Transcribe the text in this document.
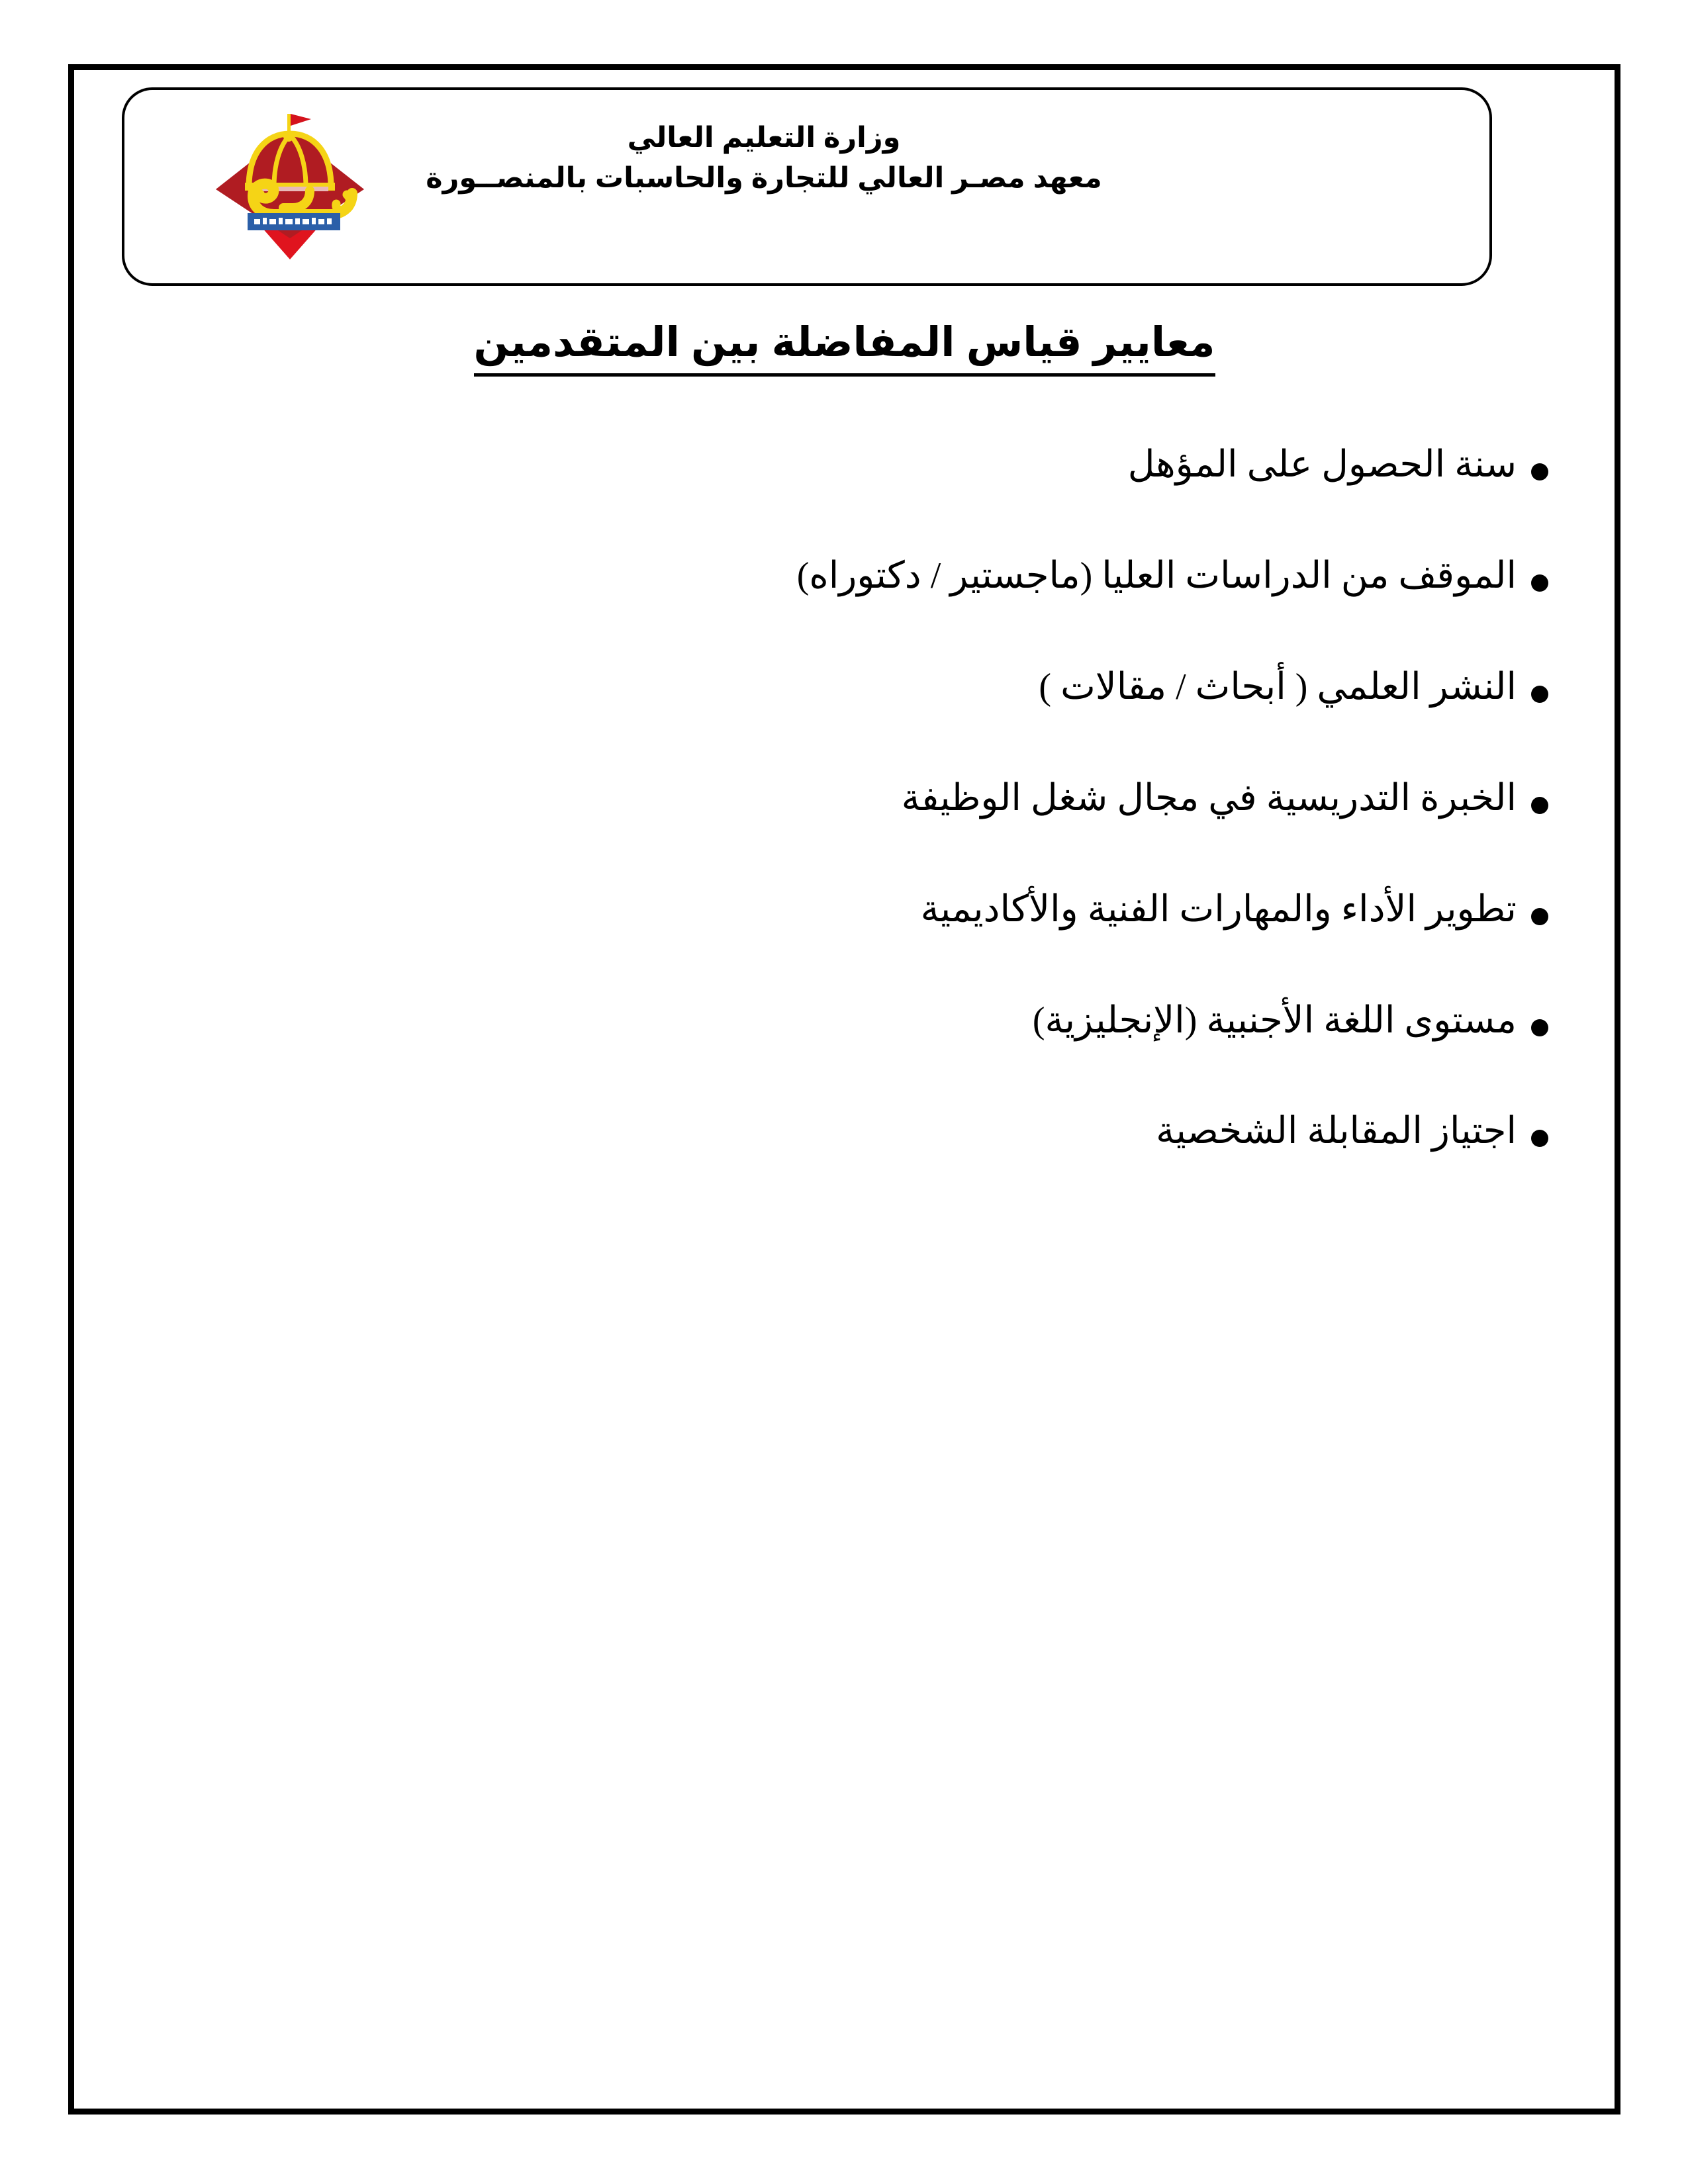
وزارة التعليم العالي
معهد مصـر العالي للتجارة والحاسبات بالمنصــورة
معايير قياس المفاضلة بين المتقدمين
سنة الحصول على المؤهل
الموقف من الدراسات العليا (ماجستير / دكتوراه)
النشر العلمي ( أبحاث / مقالات )
الخبرة التدريسية في مجال شغل الوظيفة
تطوير الأداء والمهارات الفنية والأكاديمية
مستوى اللغة الأجنبية (الإنجليزية)
اجتياز المقابلة الشخصية
